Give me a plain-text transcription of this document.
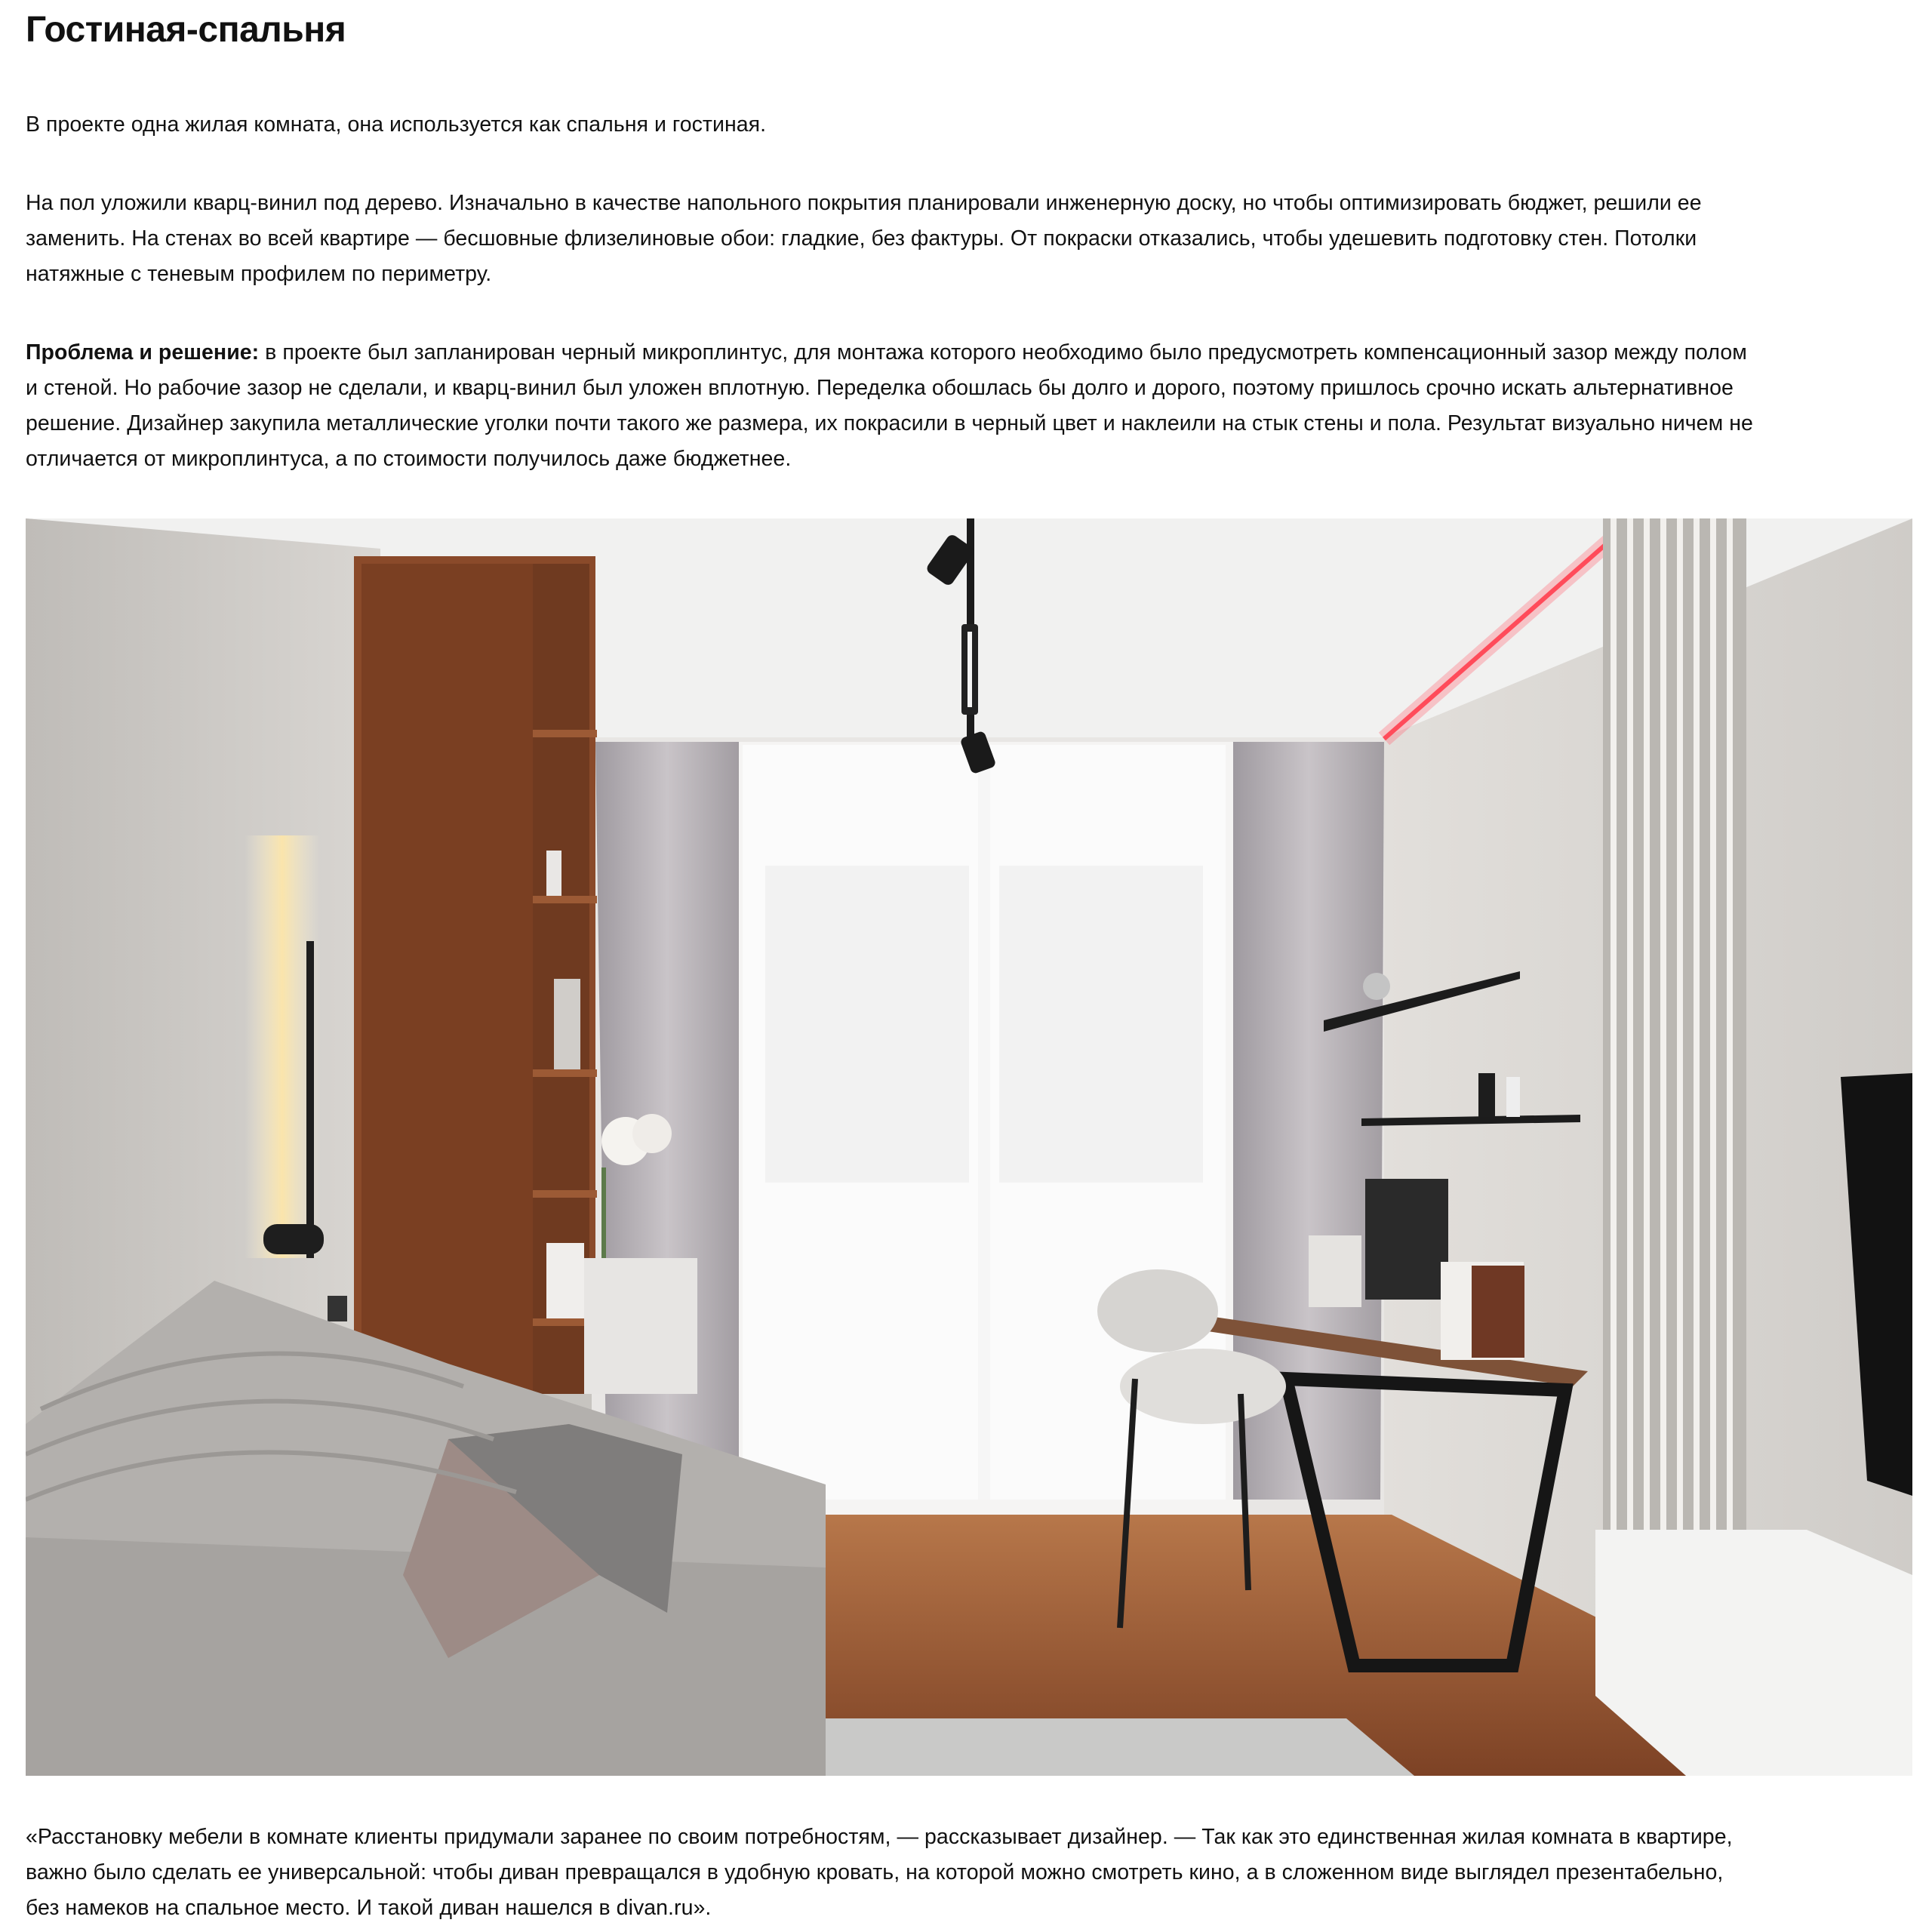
Гостиная-спальня

В проекте одна жилая комната, она используется как спальня и гостиная.

На пол уложили кварц-винил под дерево. Изначально в качестве напольного покрытия планировали инженерную доску, но чтобы оптимизировать бюджет, решили ее
заменить. На стенах во всей квартире — бесшовные флизелиновые обои: гладкие, без фактуры. От покраски отказались, чтобы удешевить подготовку стен. Потолки
натяжные с теневым профилем по периметру.

Проблема и решение: в проекте был запланирован черный микроплинтус, для монтажа которого необходимо было предусмотреть компенсационный зазор между полом
и стеной. Но рабочие зазор не сделали, и кварц-винил был уложен вплотную. Переделка обошлась бы долго и дорого, поэтому пришлось срочно искать альтернативное
решение. Дизайнер закупила металлические уголки почти такого же размера, их покрасили в черный цвет и наклеили на стык стены и пола. Результат визуально ничем не
отличается от микроплинтуса, а по стоимости получилось даже бюджетнее.

«Расстановку мебели в комнате клиенты придумали заранее по своим потребностям, — рассказывает дизайнер. — Так как это единственная жилая комната в квартире,
важно было сделать ее универсальной: чтобы диван превращался в удобную кровать, на которой можно смотреть кино, а в сложенном виде выглядел презентабельно,
без намеков на спальное место. И такой диван нашелся в divan.ru».
